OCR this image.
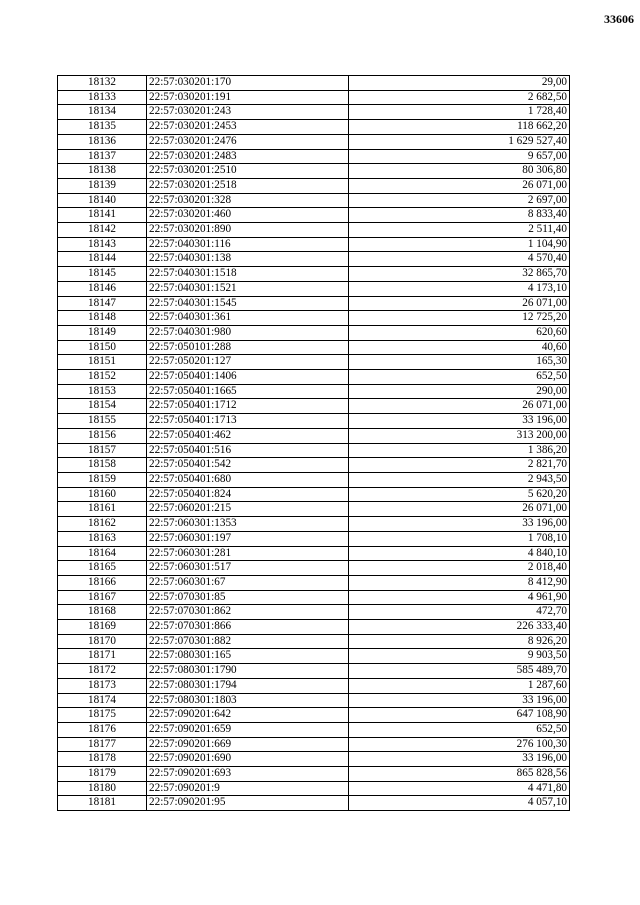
33606
18132	22:57:030201:170	29,00
18133	22:57:030201:191	2 682,50
18134	22:57:030201:243	1 728,40
18135	22:57:030201:2453	118 662,20
18136	22:57:030201:2476	1 629 527,40
18137	22:57:030201:2483	9 657,00
18138	22:57:030201:2510	80 306,80
18139	22:57:030201:2518	26 071,00
18140	22:57:030201:328	2 697,00
18141	22:57:030201:460	8 833,40
18142	22:57:030201:890	2 511,40
18143	22:57:040301:116	1 104,90
18144	22:57:040301:138	4 570,40
18145	22:57:040301:1518	32 865,70
18146	22:57:040301:1521	4 173,10
18147	22:57:040301:1545	26 071,00
18148	22:57:040301:361	12 725,20
18149	22:57:040301:980	620,60
18150	22:57:050101:288	40,60
18151	22:57:050201:127	165,30
18152	22:57:050401:1406	652,50
18153	22:57:050401:1665	290,00
18154	22:57:050401:1712	26 071,00
18155	22:57:050401:1713	33 196,00
18156	22:57:050401:462	313 200,00
18157	22:57:050401:516	1 386,20
18158	22:57:050401:542	2 821,70
18159	22:57:050401:680	2 943,50
18160	22:57:050401:824	5 620,20
18161	22:57:060201:215	26 071,00
18162	22:57:060301:1353	33 196,00
18163	22:57:060301:197	1 708,10
18164	22:57:060301:281	4 840,10
18165	22:57:060301:517	2 018,40
18166	22:57:060301:67	8 412,90
18167	22:57:070301:85	4 961,90
18168	22:57:070301:862	472,70
18169	22:57:070301:866	226 333,40
18170	22:57:070301:882	8 926,20
18171	22:57:080301:165	9 903,50
18172	22:57:080301:1790	585 489,70
18173	22:57:080301:1794	1 287,60
18174	22:57:080301:1803	33 196,00
18175	22:57:090201:642	647 108,90
18176	22:57:090201:659	652,50
18177	22:57:090201:669	276 100,30
18178	22:57:090201:690	33 196,00
18179	22:57:090201:693	865 828,56
18180	22:57:090201:9	4 471,80
18181	22:57:090201:95	4 057,10
